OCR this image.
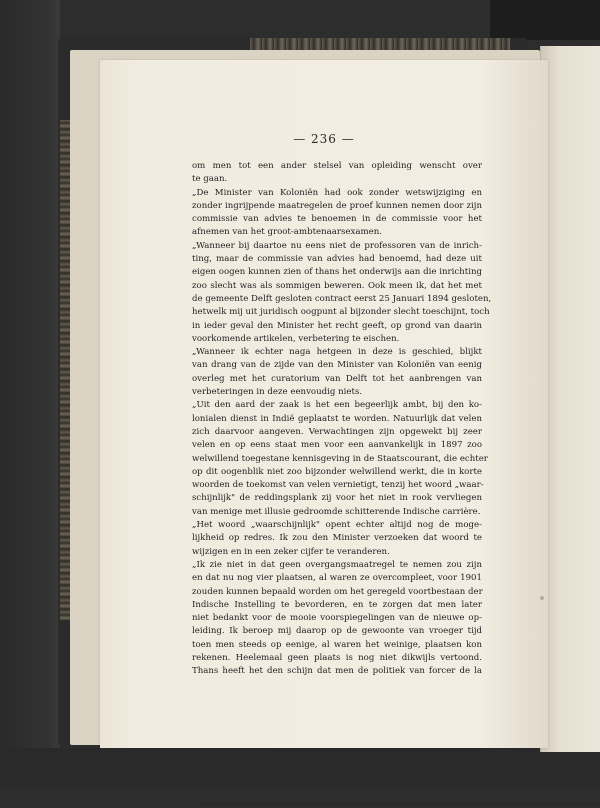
— 236 —
om men tot een ander stelsel van opleiding wenscht over
te gaan.
„De Minister van Koloniën had ook zonder wetswijziging en
zonder ingrijpende maatregelen de proef kunnen nemen door zijn
commissie van advies te benoemen in de commissie voor het
afnemen van het groot-ambtenaarsexamen.
„Wanneer bij daartoe nu eens niet de professoren van de inrich-
ting, maar de commissie van advies had benoemd, had deze uit
eigen oogen kunnen zien of thans het onderwijs aan die inrichting
zoo slecht was als sommigen beweren. Ook meen ik, dat het met
de gemeente Delft gesloten contract eerst 25 Januari 1894 gesloten,
hetwelk mij uit juridisch oogpunt al bijzonder slecht toeschijnt, toch
in ieder geval den Minister het recht geeft, op grond van daarin
voorkomende artikelen, verbetering te eischen.
„Wanneer ik echter naga hetgeen in deze is geschied, blijkt
van drang van de zijde van den Minister van Koloniën van eenig
overleg met het curatorium van Delft tot het aanbrengen van
verbeteringen in deze eenvoudig niets.
„Uit den aard der zaak is het een begeerlijk ambt, bij den ko-
lonialen dienst in Indië geplaatst te worden. Natuurlijk dat velen
zich daarvoor aangeven. Verwachtingen zijn opgewekt bij zeer
velen en op eens staat men voor een aanvankelijk in 1897 zoo
welwillend toegestane kennisgeving in de Staatscourant, die echter
op dit oogenblik niet zoo bijzonder welwillend werkt, die in korte
woorden de toekomst van velen vernietigt, tenzij het woord „waar-
schijnlijk" de reddingsplank zij voor het niet in rook vervliegen
van menige met illusie gedroomde schitterende Indische carrière.
„Het woord „waarschijnlijk" opent echter altijd nog de moge-
lijkheid op redres. Ik zou den Minister verzoeken dat woord te
wijzigen en in een zeker cijfer te veranderen.
„Ik zie niet in dat geen overgangsmaatregel te nemen zou zijn
en dat nu nog vier plaatsen, al waren ze overcompleet, voor 1901
zouden kunnen bepaald worden om het geregeld voortbestaan der
Indische Instelling te bevorderen, en te zorgen dat men later
niet bedankt voor de mooie voorspiegelingen van de nieuwe op-
leiding. Ik beroep mij daarop op de gewoonte van vroeger tijd
toen men steeds op eenige, al waren het weinige, plaatsen kon
rekenen. Heelemaal geen plaats is nog niet dikwijls vertoond.
Thans heeft het den schijn dat men de politiek van forcer de la
